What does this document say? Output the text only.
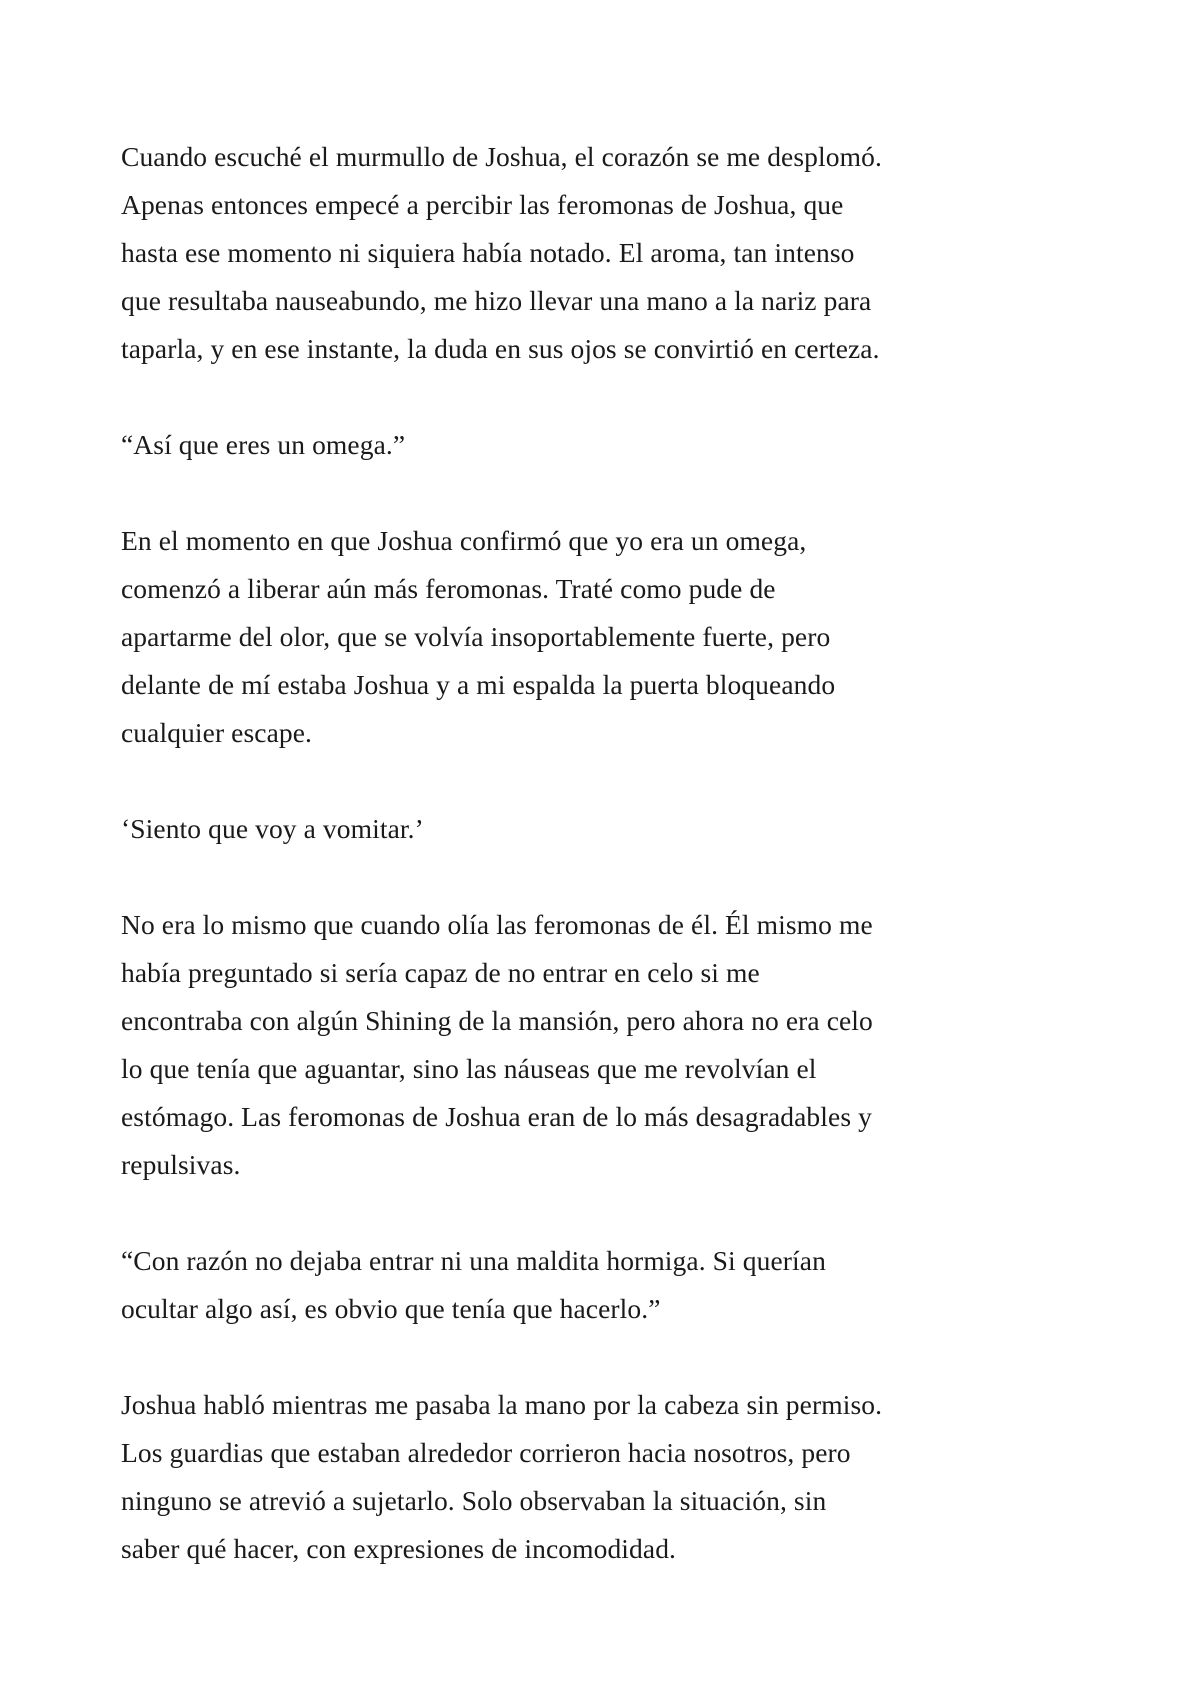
Cuando escuché el murmullo de Joshua, el corazón se me desplomó.
Apenas entonces empecé a percibir las feromonas de Joshua, que
hasta ese momento ni siquiera había notado. El aroma, tan intenso
que resultaba nauseabundo, me hizo llevar una mano a la nariz para
taparla, y en ese instante, la duda en sus ojos se convirtió en certeza.
“Así que eres un omega.”
En el momento en que Joshua confirmó que yo era un omega,
comenzó a liberar aún más feromonas. Traté como pude de
apartarme del olor, que se volvía insoportablemente fuerte, pero
delante de mí estaba Joshua y a mi espalda la puerta bloqueando
cualquier escape.
‘Siento que voy a vomitar.’
No era lo mismo que cuando olía las feromonas de él. Él mismo me
había preguntado si sería capaz de no entrar en celo si me
encontraba con algún Shining de la mansión, pero ahora no era celo
lo que tenía que aguantar, sino las náuseas que me revolvían el
estómago. Las feromonas de Joshua eran de lo más desagradables y
repulsivas.
“Con razón no dejaba entrar ni una maldita hormiga. Si querían
ocultar algo así, es obvio que tenía que hacerlo.”
Joshua habló mientras me pasaba la mano por la cabeza sin permiso.
Los guardias que estaban alrededor corrieron hacia nosotros, pero
ninguno se atrevió a sujetarlo. Solo observaban la situación, sin
saber qué hacer, con expresiones de incomodidad.
